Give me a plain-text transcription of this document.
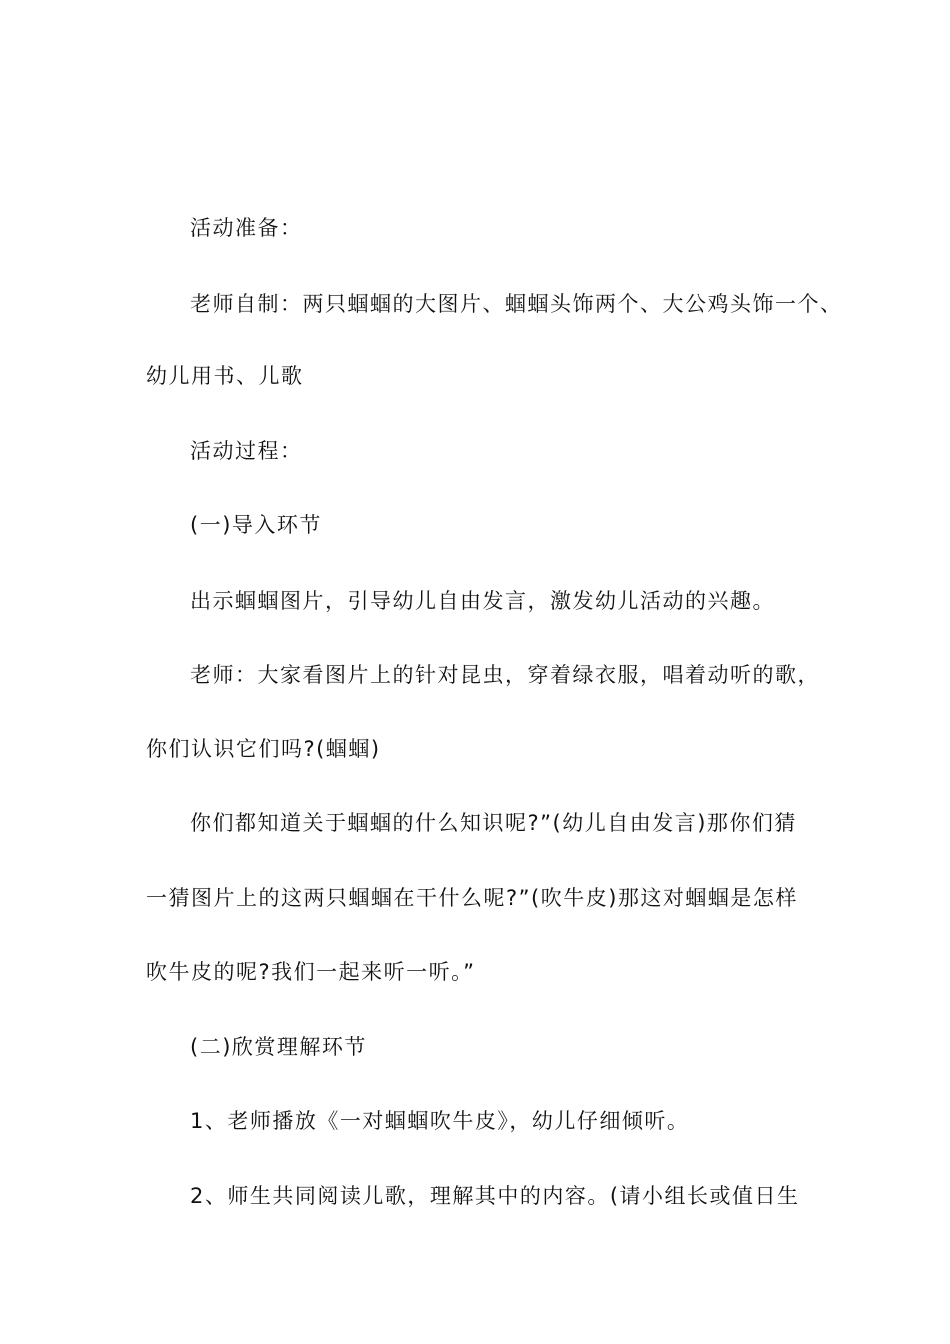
活动准备：
老师自制：两只蝈蝈的大图片、蝈蝈头饰两个、大公鸡头饰一个、
幼儿用书、儿歌
活动过程：
(一)导入环节
出示蝈蝈图片，引导幼儿自由发言，激发幼儿活动的兴趣。
老师：大家看图片上的针对昆虫，穿着绿衣服，唱着动听的歌，
你们认识它们吗?(蝈蝈)
你们都知道关于蝈蝈的什么知识呢?”(幼儿自由发言)那你们猜
一猜图片上的这两只蝈蝈在干什么呢?”(吹牛皮)那这对蝈蝈是怎样
吹牛皮的呢?我们一起来听一听。”
(二)欣赏理解环节
1、老师播放《一对蝈蝈吹牛皮》，幼儿仔细倾听。
2、师生共同阅读儿歌，理解其中的内容。(请小组长或值日生
